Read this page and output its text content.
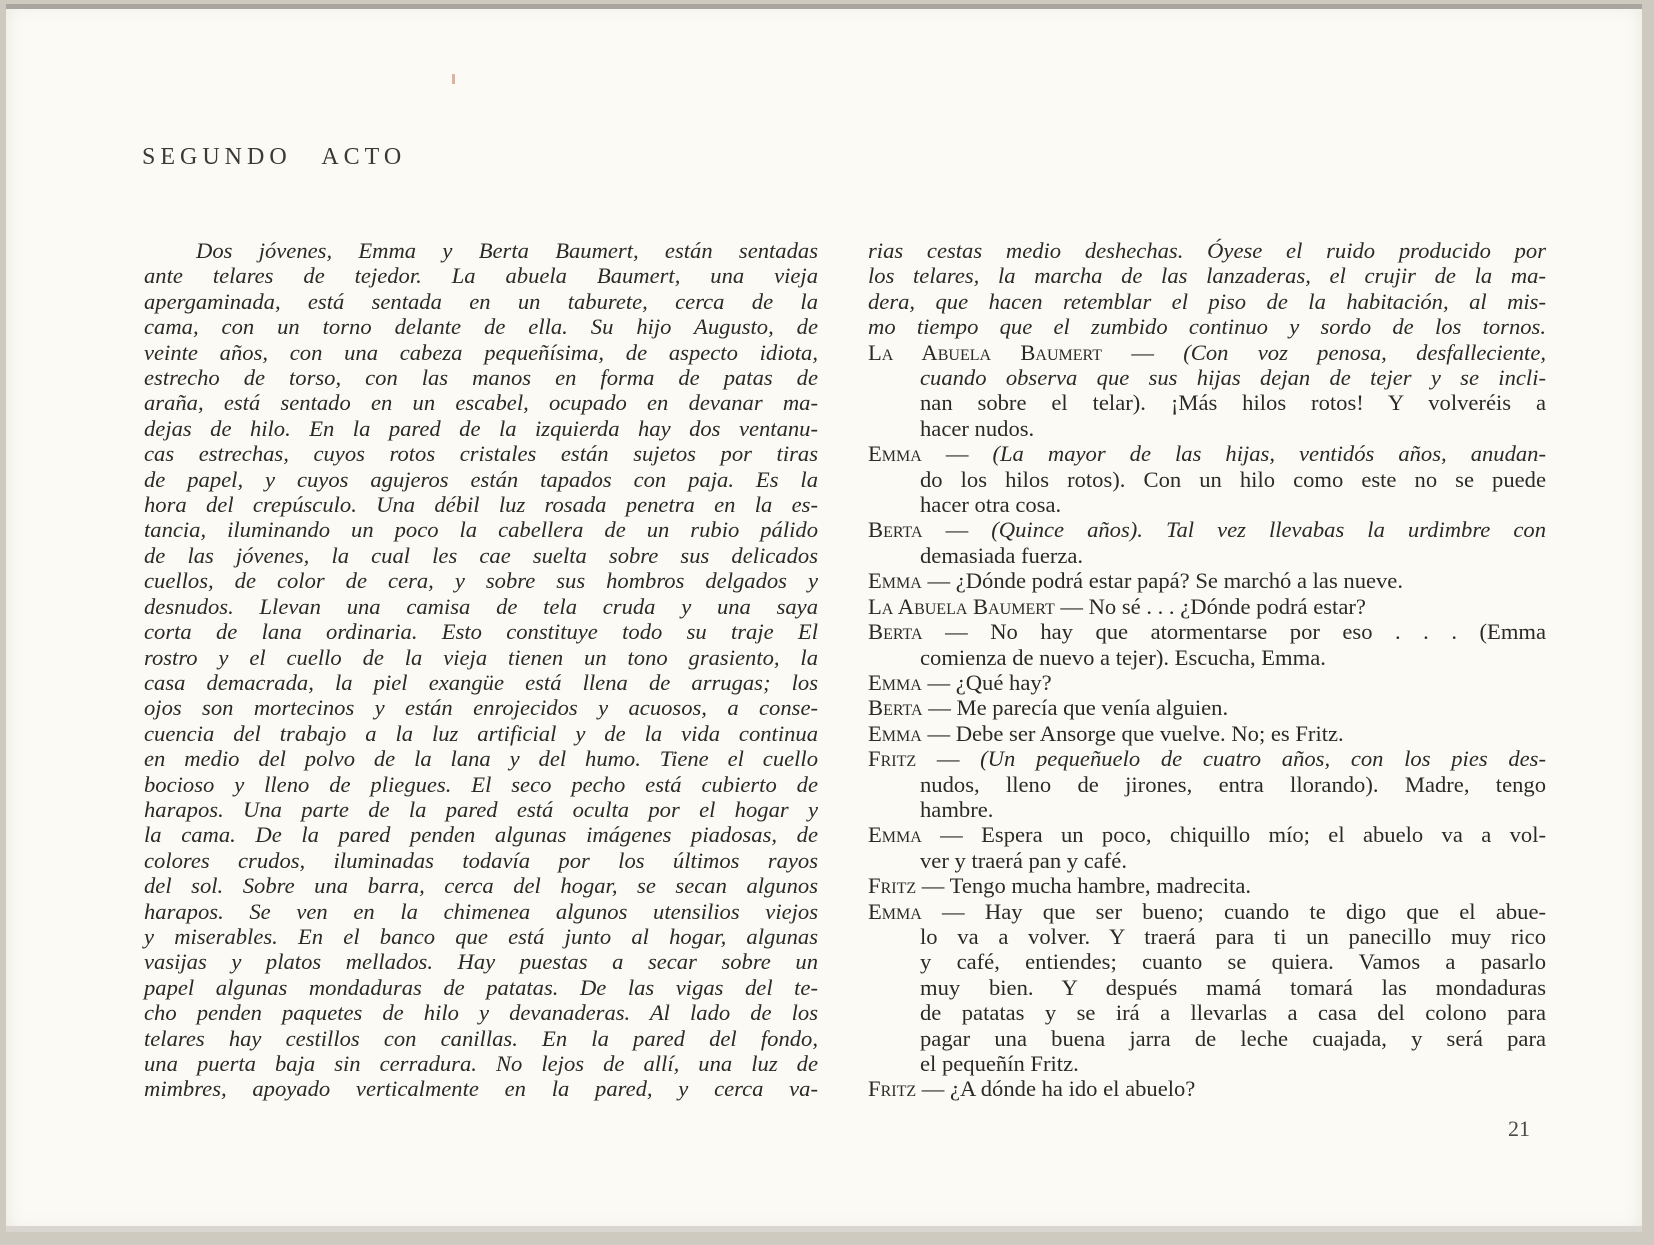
SEGUNDO ACTO
Dos jóvenes, Emma y Berta Baumert, están sentadas
ante telares de tejedor. La abuela Baumert, una vieja
apergaminada, está sentada en un taburete, cerca de la
cama, con un torno delante de ella. Su hijo Augusto, de
veinte años, con una cabeza pequeñísima, de aspecto idiota,
estrecho de torso, con las manos en forma de patas de
araña, está sentado en un escabel, ocupado en devanar ma-
dejas de hilo. En la pared de la izquierda hay dos ventanu-
cas estrechas, cuyos rotos cristales están sujetos por tiras
de papel, y cuyos agujeros están tapados con paja. Es la
hora del crepúsculo. Una débil luz rosada penetra en la es-
tancia, iluminando un poco la cabellera de un rubio pálido
de las jóvenes, la cual les cae suelta sobre sus delicados
cuellos, de color de cera, y sobre sus hombros delgados y
desnudos. Llevan una camisa de tela cruda y una saya
corta de lana ordinaria. Esto constituye todo su traje El
rostro y el cuello de la vieja tienen un tono grasiento, la
casa demacrada, la piel exangüe está llena de arrugas; los
ojos son mortecinos y están enrojecidos y acuosos, a conse-
cuencia del trabajo a la luz artificial y de la vida continua
en medio del polvo de la lana y del humo. Tiene el cuello
bocioso y lleno de pliegues. El seco pecho está cubierto de
harapos. Una parte de la pared está oculta por el hogar y
la cama. De la pared penden algunas imágenes piadosas, de
colores crudos, iluminadas todavía por los últimos rayos
del sol. Sobre una barra, cerca del hogar, se secan algunos
harapos. Se ven en la chimenea algunos utensilios viejos
y miserables. En el banco que está junto al hogar, algunas
vasijas y platos mellados. Hay puestas a secar sobre un
papel algunas mondaduras de patatas. De las vigas del te-
cho penden paquetes de hilo y devanaderas. Al lado de los
telares hay cestillos con canillas. En la pared del fondo,
una puerta baja sin cerradura. No lejos de allí, una luz de
mimbres, apoyado verticalmente en la pared, y cerca va-
rias cestas medio deshechas. Óyese el ruido producido por
los telares, la marcha de las lanzaderas, el crujir de la ma-
dera, que hacen retemblar el piso de la habitación, al mis-
mo tiempo que el zumbido continuo y sordo de los tornos.
La Abuela Baumert — (Con voz penosa, desfalleciente,
cuando observa que sus hijas dejan de tejer y se incli-
nan sobre el telar). ¡Más hilos rotos! Y volveréis a
hacer nudos.
Emma — (La mayor de las hijas, ventidós años, anudan-
do los hilos rotos). Con un hilo como este no se puede
hacer otra cosa.
Berta — (Quince años). Tal vez llevabas la urdimbre con
demasiada fuerza.
Emma — ¿Dónde podrá estar papá? Se marchó a las nueve.
La Abuela Baumert — No sé . . . ¿Dónde podrá estar?
Berta — No hay que atormentarse por eso . . . (Emma
comienza de nuevo a tejer). Escucha, Emma.
Emma — ¿Qué hay?
Berta — Me parecía que venía alguien.
Emma — Debe ser Ansorge que vuelve. No; es Fritz.
Fritz — (Un pequeñuelo de cuatro años, con los pies des-
nudos, lleno de jirones, entra llorando). Madre, tengo
hambre.
Emma — Espera un poco, chiquillo mío; el abuelo va a vol-
ver y traerá pan y café.
Fritz — Tengo mucha hambre, madrecita.
Emma — Hay que ser bueno; cuando te digo que el abue-
lo va a volver. Y traerá para ti un panecillo muy rico
y café, entiendes; cuanto se quiera. Vamos a pasarlo
muy bien. Y después mamá tomará las mondaduras
de patatas y se irá a llevarlas a casa del colono para
pagar una buena jarra de leche cuajada, y será para
el pequeñín Fritz.
Fritz — ¿A dónde ha ido el abuelo?
21
